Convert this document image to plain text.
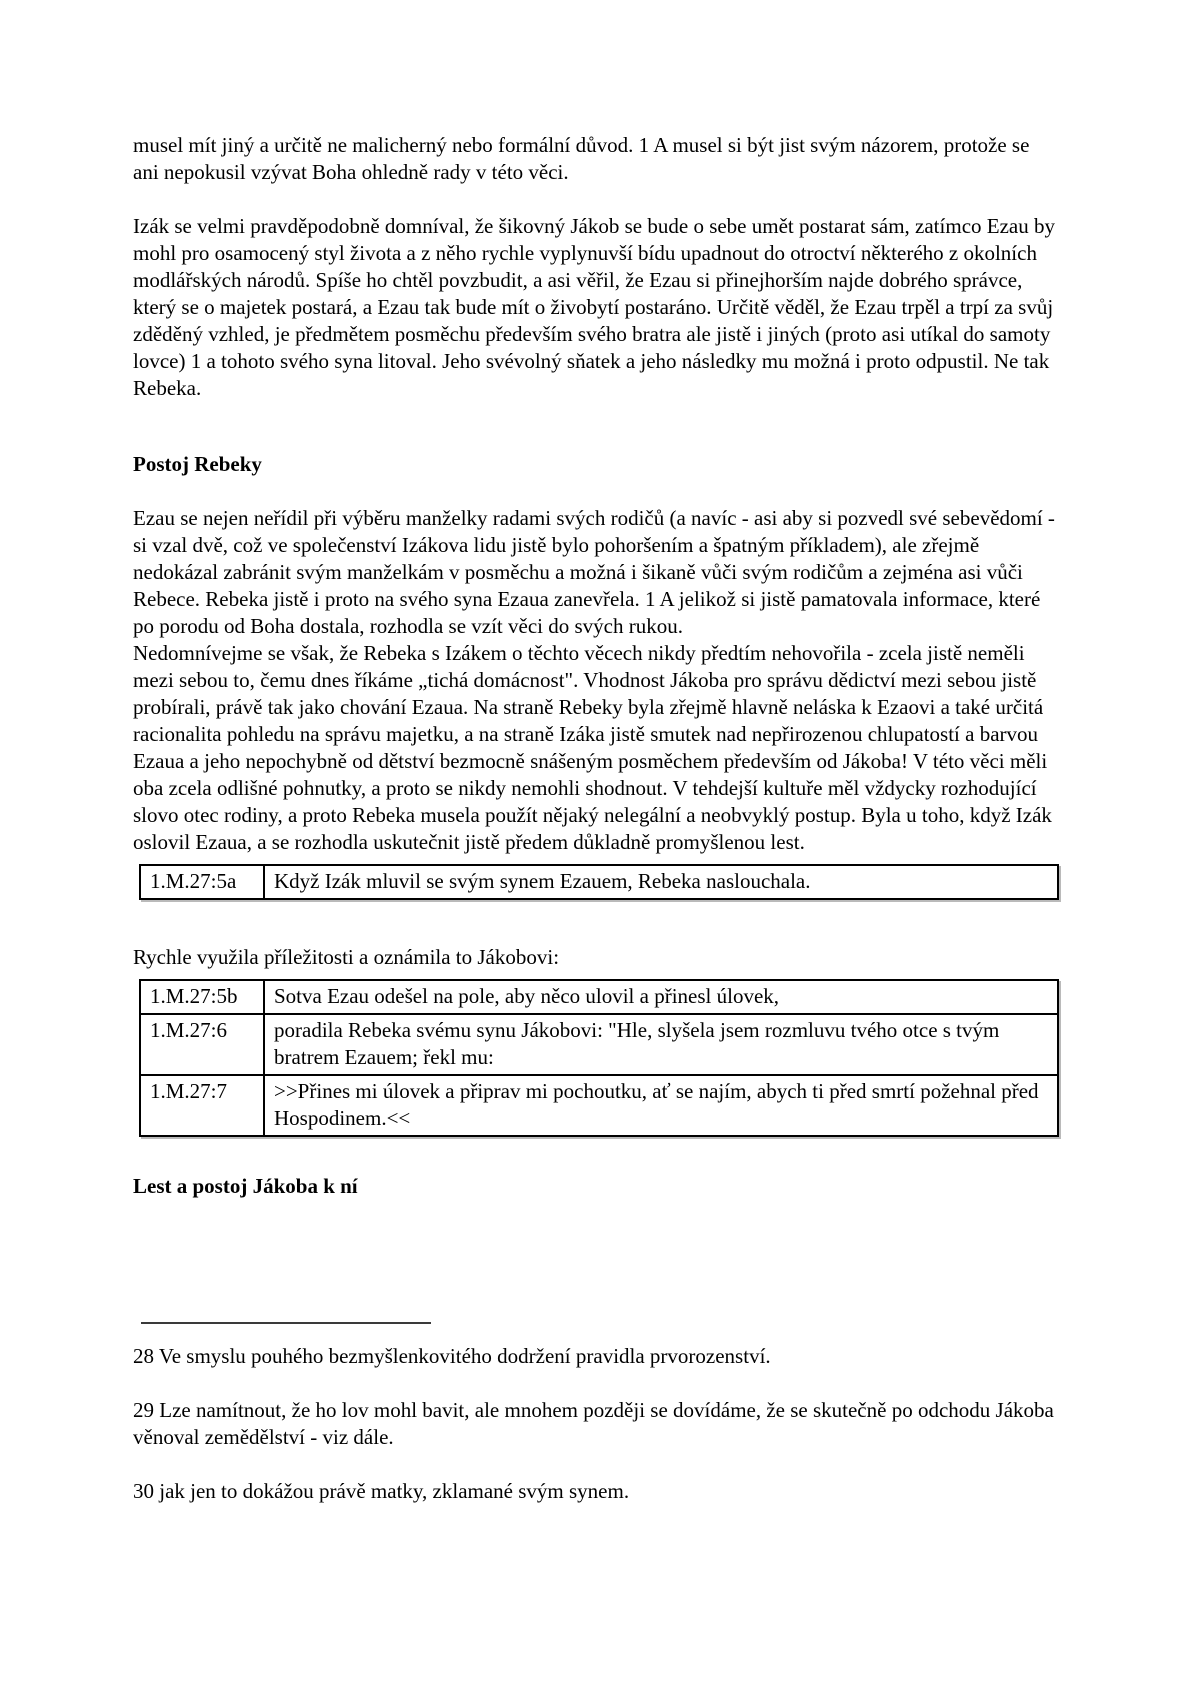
musel mít jiný a určitě ne malicherný nebo formální důvod. 1 A musel si být jist svým názorem, protože se ani nepokusil vzývat Boha ohledně rady v této věci.

Izák se velmi pravděpodobně domníval, že šikovný Jákob se bude o sebe umět postarat sám, zatímco Ezau by mohl pro osamocený styl života a z něho rychle vyplynuvší bídu upadnout do otroctví některého z okolních modlářských národů. Spíše ho chtěl povzbudit, a asi věřil, že Ezau si přinejhorším najde dobrého správce, který se o majetek postará, a Ezau tak bude mít o živobytí postaráno. Určitě věděl, že Ezau trpěl a trpí za svůj zděděný vzhled, je předmětem posměchu především svého bratra ale jistě i jiných (proto asi utíkal do samoty lovce) 1 a tohoto svého syna litoval. Jeho svévolný sňatek a jeho následky mu možná i proto odpustil. Ne tak Rebeka.

Postoj Rebeky
Ezau se nejen neřídil při výběru manželky radami svých rodičů (a navíc - asi aby si pozvedl své sebevědomí - si vzal dvě, což ve společenství Izákova lidu jistě bylo pohoršením a špatným příkladem), ale zřejmě nedokázal zabránit svým manželkám v posměchu a možná i šikaně vůči svým rodičům a zejména asi vůči Rebece. Rebeka jistě i proto na svého syna Ezaua zanevřela. 1 A jelikož si jistě pamatovala informace, které po porodu od Boha dostala, rozhodla se vzít věci do svých rukou.
Nedomnívejme se však, že Rebeka s Izákem o těchto věcech nikdy předtím nehovořila - zcela jistě neměli mezi sebou to, čemu dnes říkáme „tichá domácnost". Vhodnost Jákoba pro správu dědictví mezi sebou jistě probírali, právě tak jako chování Ezaua. Na straně Rebeky byla zřejmě hlavně neláska k Ezaovi a také určitá racionalita pohledu na správu majetku, a na straně Izáka jistě smutek nad nepřirozenou chlupatostí a barvou Ezaua a jeho nepochybně od dětství bezmocně snášeným posměchem především od Jákoba! V této věci měli oba zcela odlišné pohnutky, a proto se nikdy nemohli shodnout. V tehdejší kultuře měl vždycky rozhodující slovo otec rodiny, a proto Rebeka musela použít nějaký nelegální a neobvyklý postup. Byla u toho, když Izák oslovil Ezaua, a se rozhodla uskutečnit jistě předem důkladně promyšlenou lest.
1.M.27:5a	Když Izák mluvil se svým synem Ezauem, Rebeka naslouchala.

Rychle využila příležitosti a oznámila to Jákobovi:

1.M.27:5b	Sotva Ezau odešel na pole, aby něco ulovil a přinesl úlovek,
1.M.27:6	poradila Rebeka svému synu Jákobovi: "Hle, slyšela jsem rozmluvu tvého otce s tvým bratrem Ezauem; řekl mu:
1.M.27:7	>>Přines mi úlovek a připrav mi pochoutku, ať se najím, abych ti před smrtí požehnal před Hospodinem.<<
Lest a postoj Jákoba k ní

28 Ve smyslu pouhého bezmyšlenkovitého dodržení pravidla prvorozenství.

29 Lze namítnout, že ho lov mohl bavit, ale mnohem později se dovídáme, že se skutečně po odchodu Jákoba věnoval zemědělství - viz dále.

30 jak jen to dokážou právě matky, zklamané svým synem.
